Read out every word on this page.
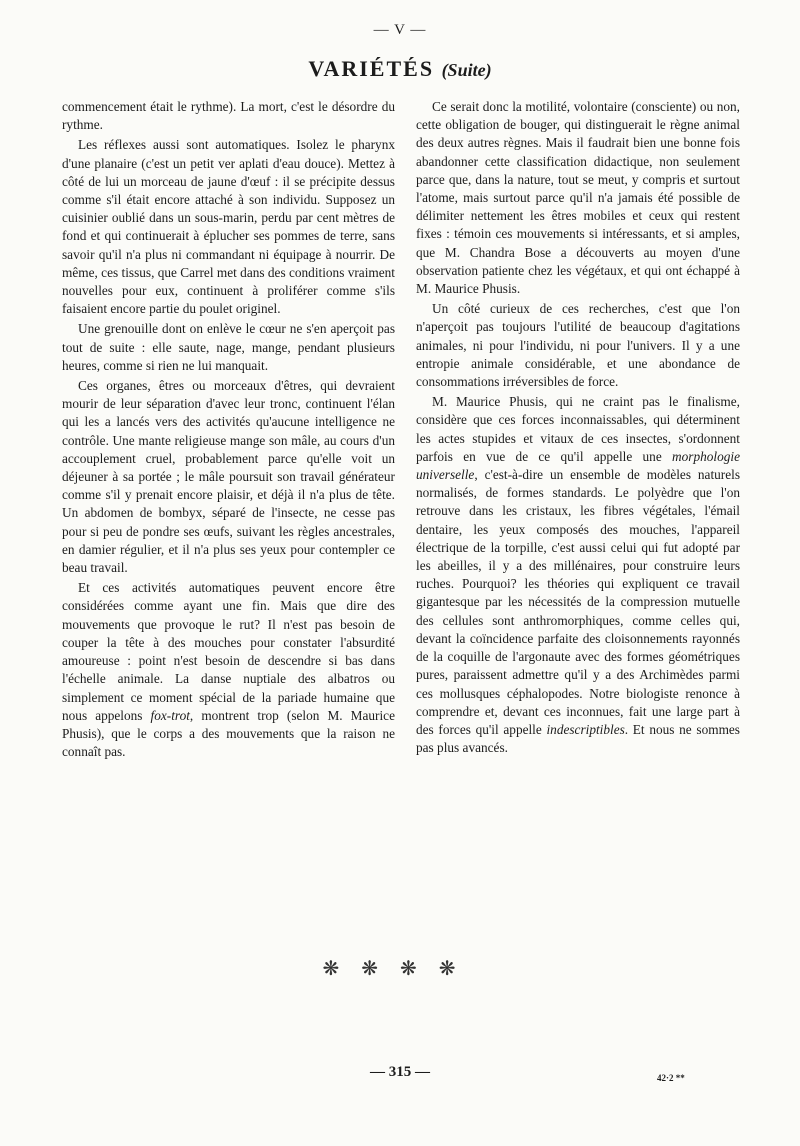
— V —
VARIÉTÉS (Suite)

commencement était le rythme). La mort, c'est le désordre du rythme.

Les réflexes aussi sont automatiques. Isolez le pharynx d'une planaire (c'est un petit ver aplati d'eau douce). Mettez à côté de lui un morceau de jaune d'œuf : il se précipite dessus comme s'il était encore attaché à son individu. Supposez un cuisinier oublié dans un sous-marin, perdu par cent mètres de fond et qui continuerait à éplucher ses pommes de terre, sans savoir qu'il n'a plus ni commandant ni équipage à nourrir. De même, ces tissus, que Carrel met dans des conditions vraiment nouvelles pour eux, continuent à proliférer comme s'ils faisaient encore partie du poulet originel.

Une grenouille dont on enlève le cœur ne s'en aperçoit pas tout de suite : elle saute, nage, mange, pendant plusieurs heures, comme si rien ne lui manquait.

Ces organes, êtres ou morceaux d'êtres, qui devraient mourir de leur séparation d'avec leur tronc, continuent l'élan qui les a lancés vers des activités qu'aucune intelligence ne contrôle. Une mante religieuse mange son mâle, au cours d'un accouplement cruel, probablement parce qu'elle voit un déjeuner à sa portée ; le mâle poursuit son travail générateur comme s'il y prenait encore plaisir, et déjà il n'a plus de tête. Un abdomen de bombyx, séparé de l'insecte, ne cesse pas pour si peu de pondre ses œufs, suivant les règles ancestrales, en damier régulier, et il n'a plus ses yeux pour contempler ce beau travail.

Et ces activités automatiques peuvent encore être considérées comme ayant une fin. Mais que dire des mouvements que provoque le rut? Il n'est pas besoin de couper la tête à des mouches pour constater l'absurdité amoureuse : point n'est besoin de descendre si bas dans l'échelle animale. La danse nuptiale des albatros ou simplement ce moment spécial de la pariade humaine que nous appelons fox-trot, montrent trop (selon M. Maurice Phusis), que le corps a des mouvements que la raison ne connaît pas.

Ce serait donc la motilité, volontaire (consciente) ou non, cette obligation de bouger, qui distinguerait le règne animal des deux autres règnes. Mais il faudrait bien une bonne fois abandonner cette classification didactique, non seulement parce que, dans la nature, tout se meut, y compris et surtout l'atome, mais surtout parce qu'il n'a jamais été possible de délimiter nettement les êtres mobiles et ceux qui restent fixes : témoin ces mouvements si intéressants, et si amples, que M. Chandra Bose a découverts au moyen d'une observation patiente chez les végétaux, et qui ont échappé à M. Maurice Phusis.

Un côté curieux de ces recherches, c'est que l'on n'aperçoit pas toujours l'utilité de beaucoup d'agitations animales, ni pour l'individu, ni pour l'univers. Il y a une entropie animale considérable, et une abondance de consommations irréversibles de force.

M. Maurice Phusis, qui ne craint pas le finalisme, considère que ces forces inconnaissables, qui déterminent les actes stupides et vitaux de ces insectes, s'ordonnent parfois en vue de ce qu'il appelle une morphologie universelle, c'est-à-dire un ensemble de modèles naturels normalisés, de formes standards. Le polyèdre que l'on retrouve dans les cristaux, les fibres végétales, l'émail dentaire, les yeux composés des mouches, l'appareil électrique de la torpille, c'est aussi celui qui fut adopté par les abeilles, il y a des millénaires, pour construire leurs ruches. Pourquoi? les théories qui expliquent ce travail gigantesque par les nécessités de la compression mutuelle des cellules sont anthromorphiques, comme celles qui, devant la coïncidence parfaite des cloisonnements rayonnés de la coquille de l'argonaute avec des formes géométriques pures, paraissent admettre qu'il y a des Archimèdes parmi ces mollusques céphalopodes. Notre biologiste renonce à comprendre et, devant ces inconnues, fait une large part à des forces qu'il appelle indescriptibles. Et nous ne sommes pas plus avancés.

❋❋❋❋
— 315 —	42·2 **
